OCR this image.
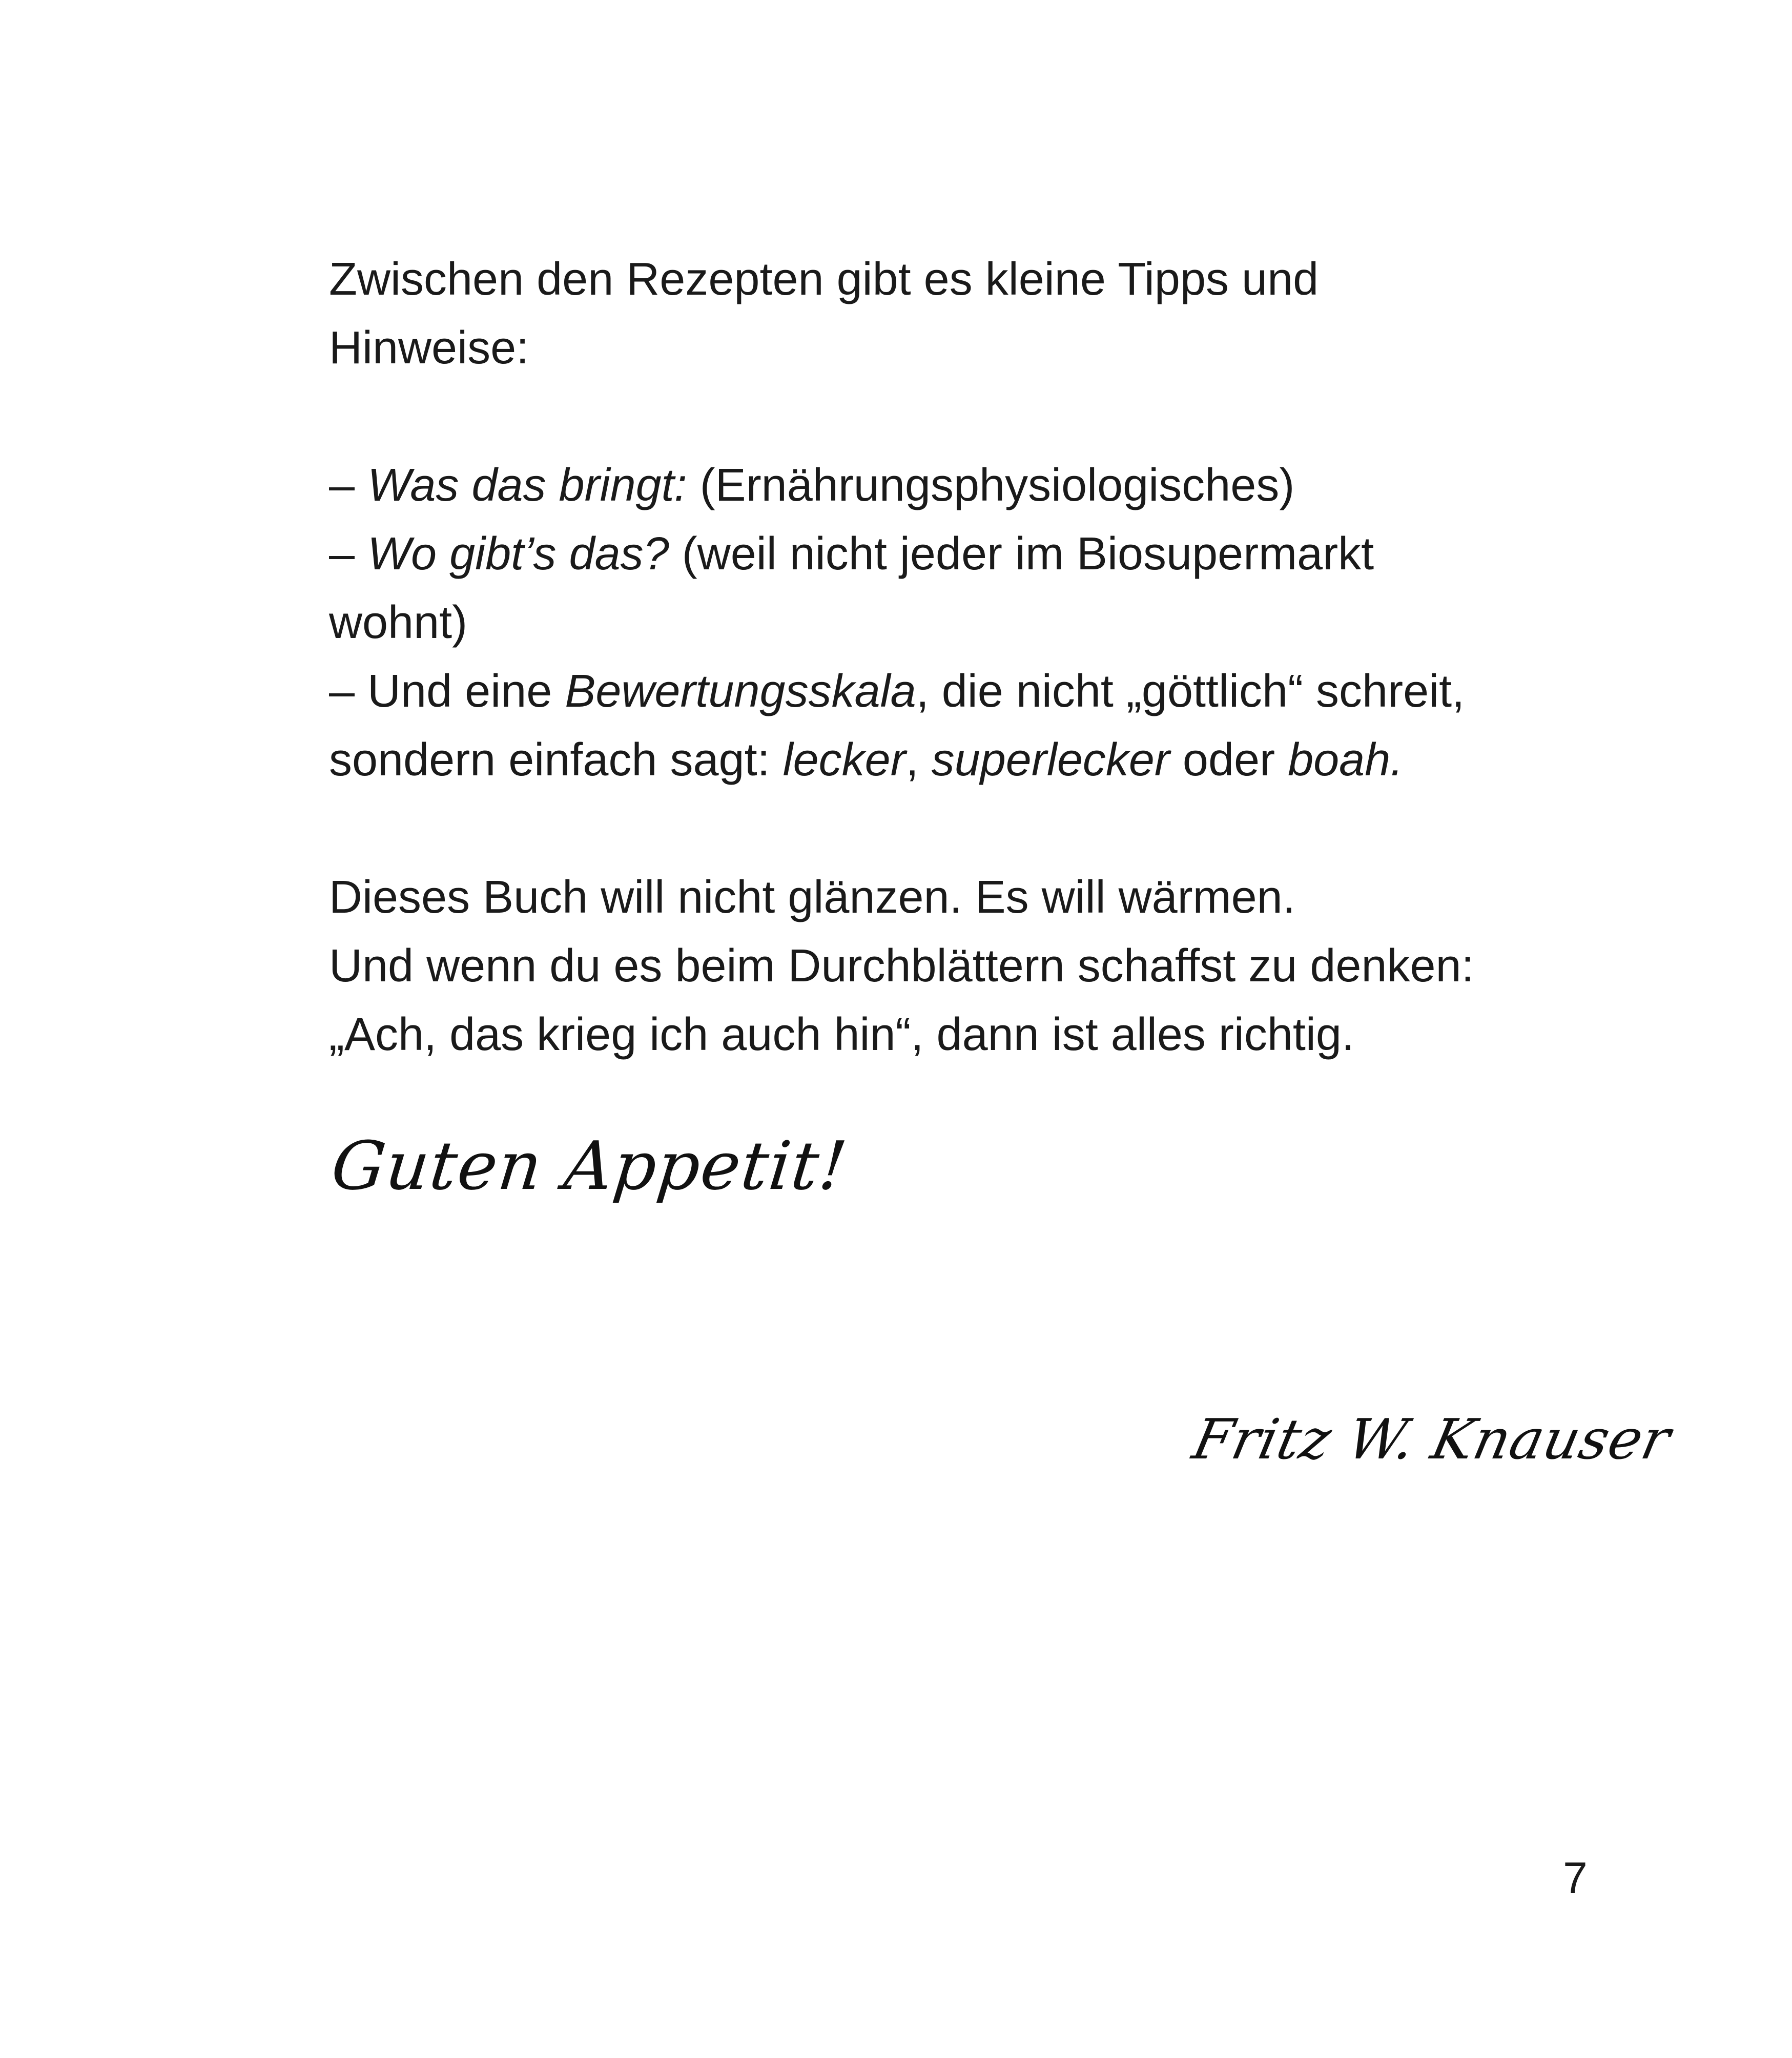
Zwischen den Rezepten gibt es kleine Tipps und

Hinweise:

– Was das bringt: (Ernährungsphysiologisches)

– Wo gibt’s das? (weil nicht jeder im Biosupermarkt

wohnt)

– Und eine Bewertungsskala, die nicht „göttlich“ schreit,

sondern einfach sagt: lecker, superlecker oder boah.

Dieses Buch will nicht glänzen. Es will wärmen.

Und wenn du es beim Durchblättern schaffst zu denken:

„Ach, das krieg ich auch hin“, dann ist alles richtig.

Guten Appetit!
Fritz W. Knauser
7
